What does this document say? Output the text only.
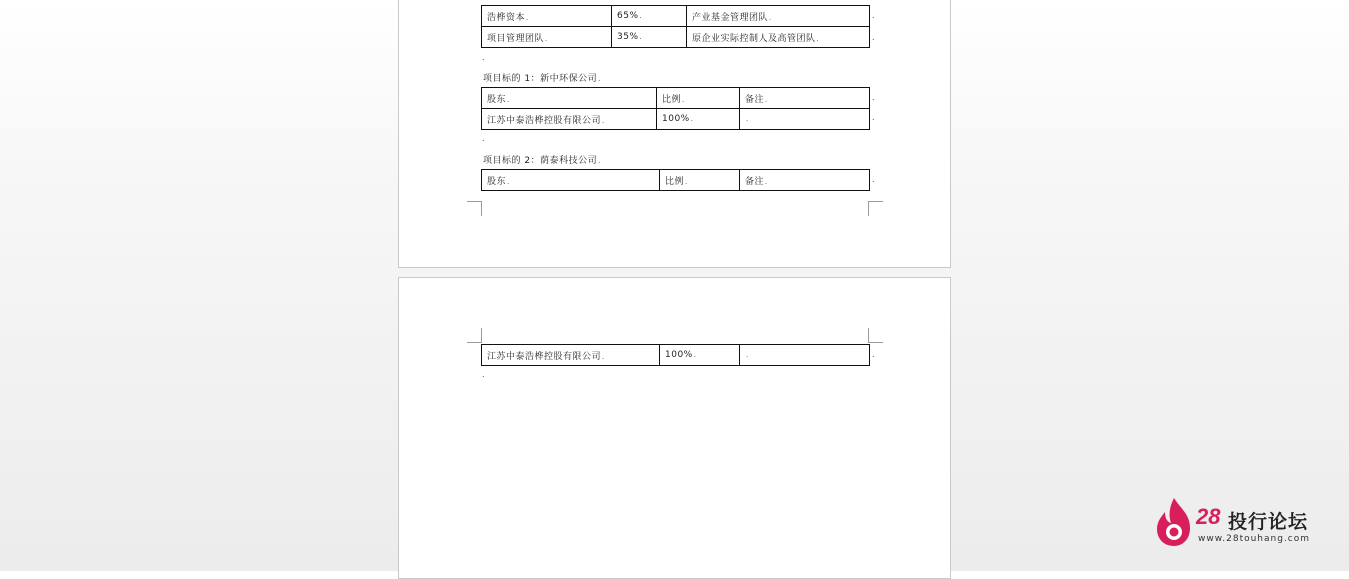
浩桦资本.	65%.	产业基金管理团队.
项目管理团队.	35%.	原企业实际控制人及高管团队.
.
.
.
项目标的 1：新中环保公司.
股东.	比例.	备注.
江苏中泰浩桦控股有限公司.	100%.	.
.
.
.
项目标的 2：荫泰科技公司.
股东.	比例.	备注.	.
江苏中泰浩桦控股有限公司.	100%.	.	.
.
28 投行论坛
www.28touhang.com
